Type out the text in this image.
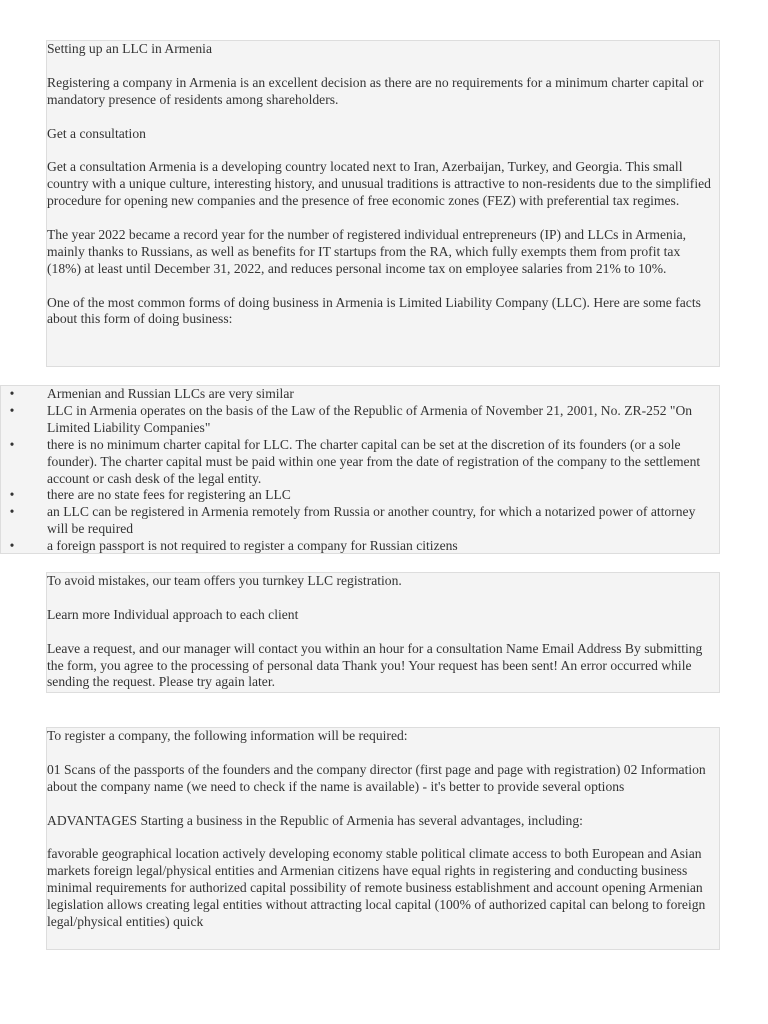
Setting up an LLC in Armenia

Registering a company in Armenia is an excellent decision as there are no requirements for a minimum charter capital or mandatory presence of residents among shareholders.

Get a consultation

Get a consultation Armenia is a developing country located next to Iran, Azerbaijan, Turkey, and Georgia. This small country with a unique culture, interesting history, and unusual traditions is attractive to non-residents due to the simplified procedure for opening new companies and the presence of free economic zones (FEZ) with preferential tax regimes.

The year 2022 became a record year for the number of registered individual entrepreneurs (IP) and LLCs in Armenia, mainly thanks to Russians, as well as benefits for IT startups from the RA, which fully exempts them from profit tax (18%) at least until December 31, 2022, and reduces personal income tax on employee salaries from 21% to 10%.

One of the most common forms of doing business in Armenia is Limited Liability Company (LLC). Here are some facts about this form of doing business:

• Armenian and Russian LLCs are very similar
• LLC in Armenia operates on the basis of the Law of the Republic of Armenia of November 21, 2001, No. ZR-252 "On Limited Liability Companies"
• there is no minimum charter capital for LLC. The charter capital can be set at the discretion of its founders (or a sole founder). The charter capital must be paid within one year from the date of registration of the company to the settlement account or cash desk of the legal entity.
• there are no state fees for registering an LLC
• an LLC can be registered in Armenia remotely from Russia or another country, for which a notarized power of attorney will be required
• a foreign passport is not required to register a company for Russian citizens

To avoid mistakes, our team offers you turnkey LLC registration.

Learn more Individual approach to each client

Leave a request, and our manager will contact you within an hour for a consultation Name Email Address By submitting the form, you agree to the processing of personal data Thank you! Your request has been sent! An error occurred while sending the request. Please try again later.

To register a company, the following information will be required:

01 Scans of the passports of the founders and the company director (first page and page with registration) 02 Information about the company name (we need to check if the name is available) - it's better to provide several options

ADVANTAGES Starting a business in the Republic of Armenia has several advantages, including:

favorable geographical location actively developing economy stable political climate access to both European and Asian markets foreign legal/physical entities and Armenian citizens have equal rights in registering and conducting business minimal requirements for authorized capital possibility of remote business establishment and account opening Armenian legislation allows creating legal entities without attracting local capital (100% of authorized capital can belong to foreign legal/physical entities) quick
